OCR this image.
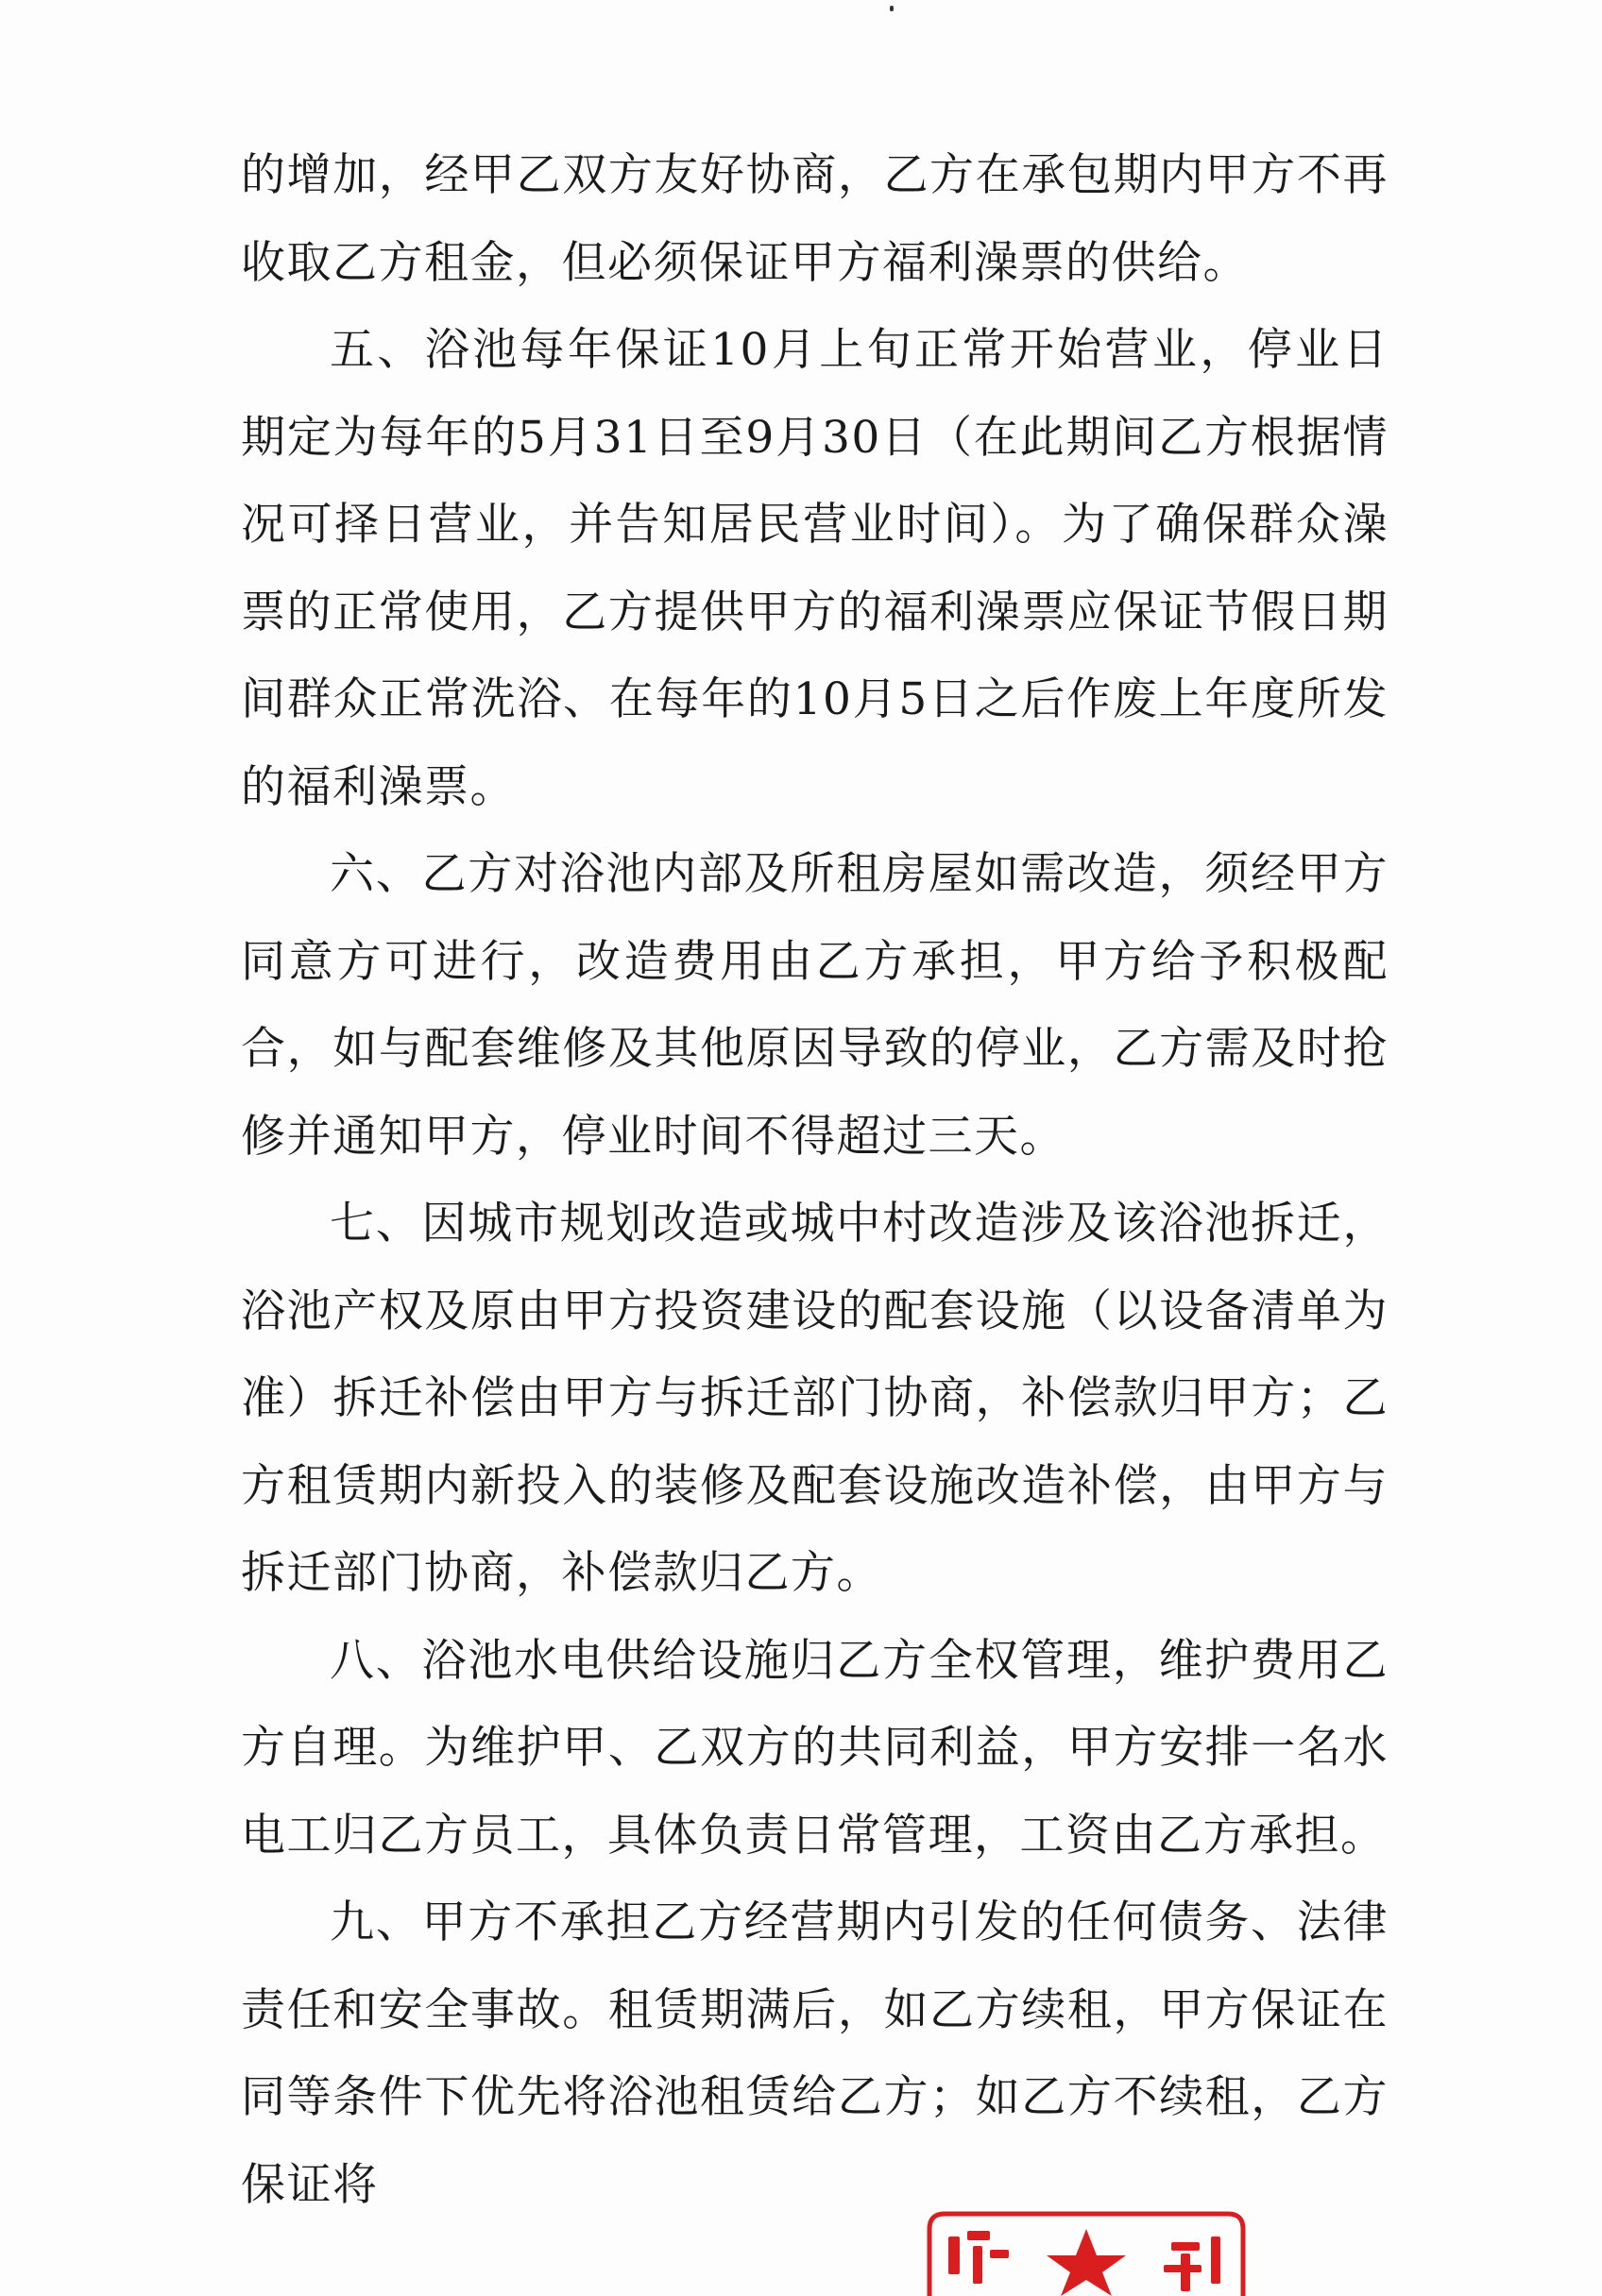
的增加，经甲乙双方友好协商，乙方在承包期内甲方不再收取乙方租金，但必须保证甲方福利澡票的供给。

五、浴池每年保证10月上旬正常开始营业，停业日期定为每年的5月31日至9月30日（在此期间乙方根据情况可择日营业，并告知居民营业时间）。为了确保群众澡票的正常使用，乙方提供甲方的福利澡票应保证节假日期间群众正常洗浴、在每年的10月5日之后作废上年度所发的福利澡票。

六、乙方对浴池内部及所租房屋如需改造，须经甲方同意方可进行，改造费用由乙方承担，甲方给予积极配合，如与配套维修及其他原因导致的停业，乙方需及时抢修并通知甲方，停业时间不得超过三天。

七、因城市规划改造或城中村改造涉及该浴池拆迁，浴池产权及原由甲方投资建设的配套设施（以设备清单为准）拆迁补偿由甲方与拆迁部门协商，补偿款归甲方；乙方租赁期内新投入的装修及配套设施改造补偿，由甲方与拆迁部门协商，补偿款归乙方。

八、浴池水电供给设施归乙方全权管理，维护费用乙方自理。为维护甲、乙双方的共同利益，甲方安排一名水电工归乙方员工，具体负责日常管理，工资由乙方承担。

九、甲方不承担乙方经营期内引发的任何债务、法律责任和安全事故。租赁期满后，如乙方续租，甲方保证在同等条件下优先将浴池租赁给乙方；如乙方不续租，乙方保证将
